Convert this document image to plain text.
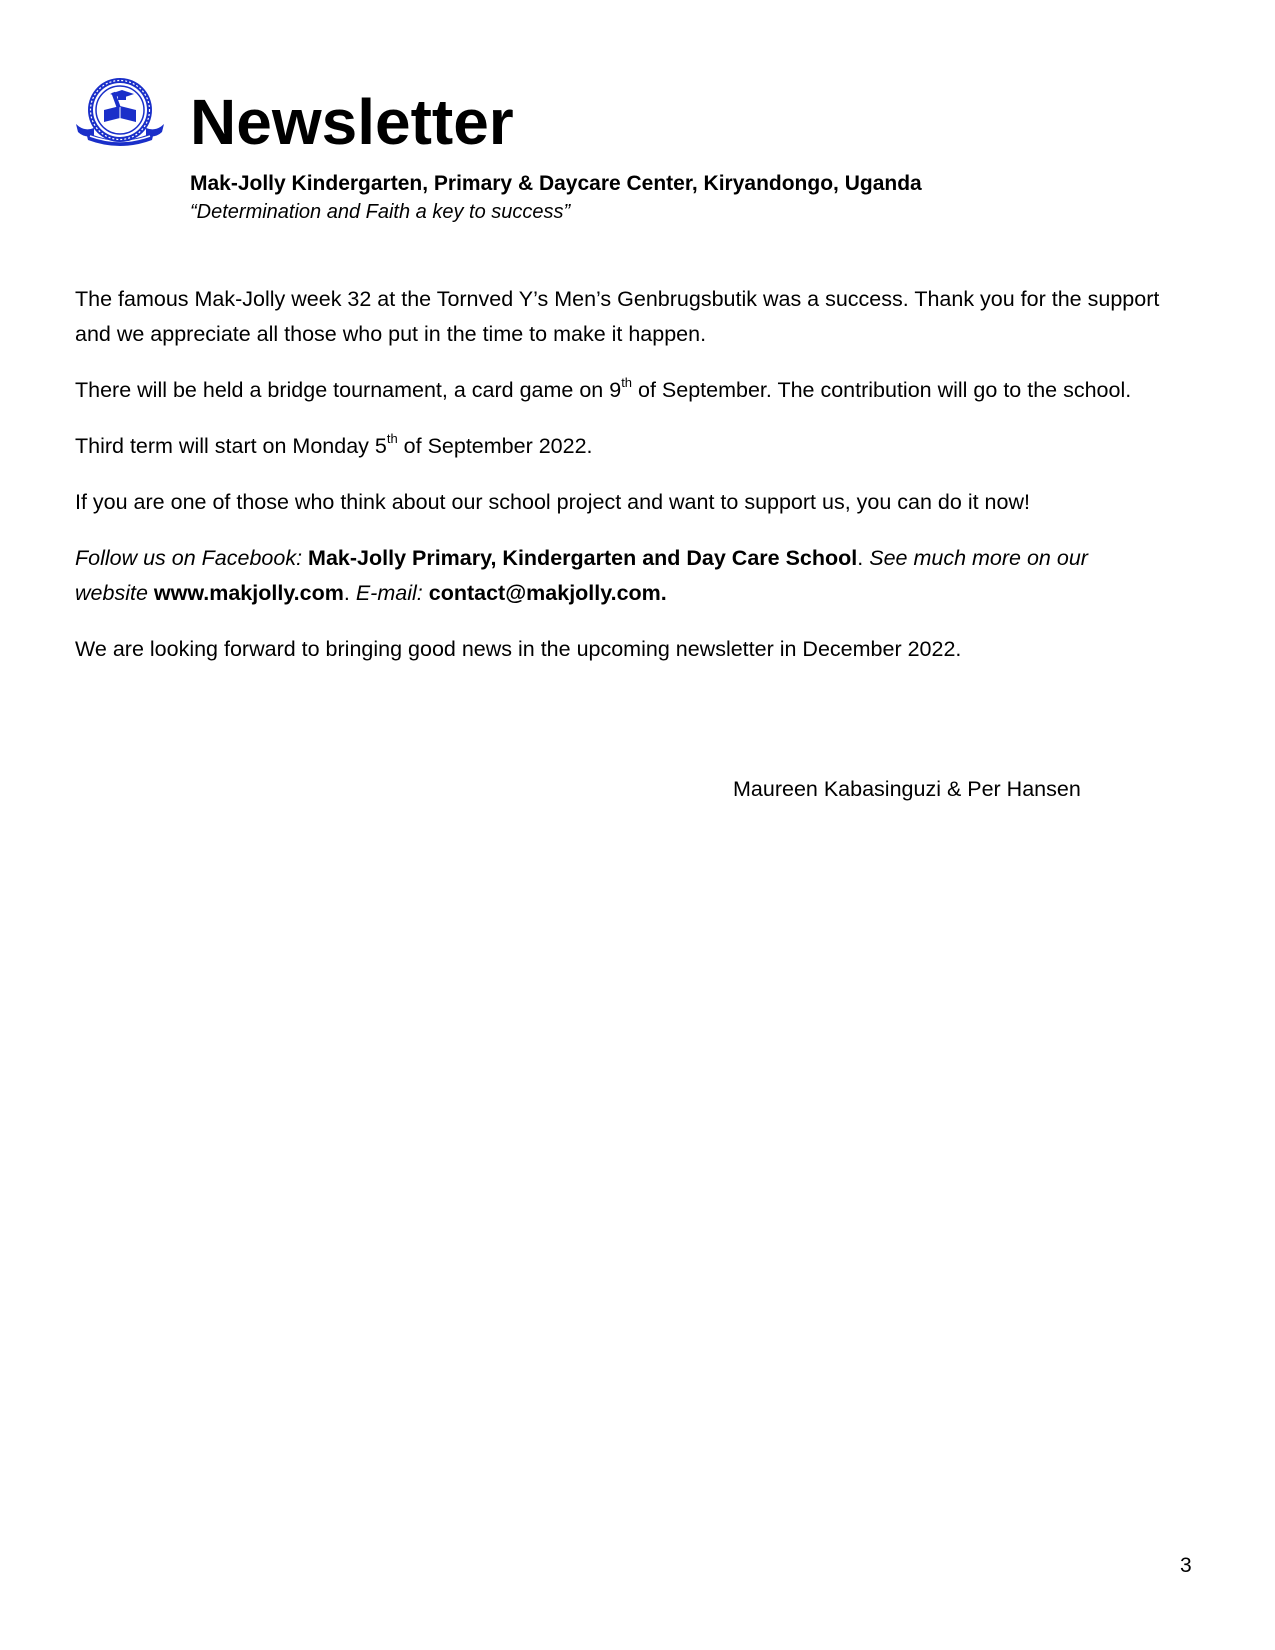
Newsletter
Mak-Jolly Kindergarten, Primary & Daycare Center, Kiryandongo, Uganda
“Determination and Faith a key to success”

The famous Mak-Jolly week 32 at the Tornved Y’s Men’s Genbrugsbutik was a success. Thank you for the support and we appreciate all those who put in the time to make it happen.

There will be held a bridge tournament, a card game on 9th of September. The contribution will go to the school.

Third term will start on Monday 5th of September 2022.

If you are one of those who think about our school project and want to support us, you can do it now!

Follow us on Facebook: Mak-Jolly Primary, Kindergarten and Day Care School. See much more on our website www.makjolly.com. E-mail: contact@makjolly.com.

We are looking forward to bringing good news in the upcoming newsletter in December 2022.

Maureen Kabasinguzi & Per Hansen
3
